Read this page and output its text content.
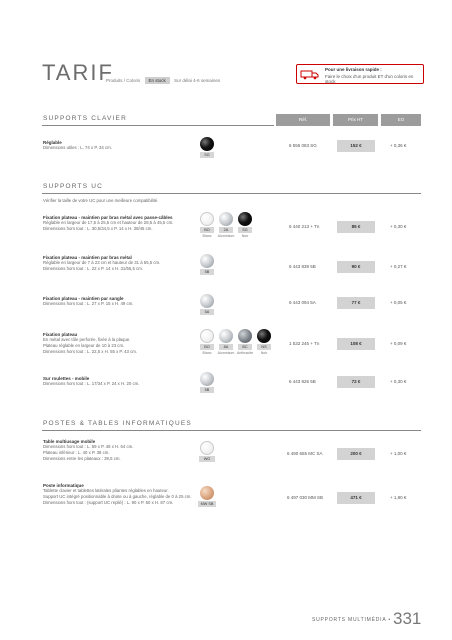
TARIF
Produits / Coloris En stock Sur délai 4-6 semaines
Pour une livraison rapide :
Faire le choix d'un produit ET d'un coloris en stock
SUPPORTS CLAVIER	Réf.	Prix HT	EO
Réglable
Dimensions utiles : L. 74 x P. 34 cm.
SG
6 555 083 SG	152 €	+ 0,36 €
SUPPORTS UC
Vérifier la taille de votre UC pour une meilleure compatibilité.
Fixation plateau - maintien par bras métal avec passe-câbles
Réglable en largeur de 17,5 à 25,5 cm et hauteur de 28,5 à 45,5 cm.
Dimensions hors tout : L. 30,5/34,5 x P. 14 x H. 38/45 cm.	BO	2A	SG
Blanc	Aluminium	Noir
6 440 213 + Tn	85 €	+ 0,30 €
Fixation plateau - maintien par bras métal
Réglable en largeur de 7 à 23 cm et hauteur de 31 à 55,5 cm.
Dimensions hors tout : L. 22 x P. 14 x H. 31/55,5 cm.
5B
6 443 839 5B	90 €	+ 0,27 €
Fixation plateau - maintien par sangle
Dimensions hors tout : L. 27 x P. 15 x H. 49 cm.
5A
6 443 094 5A	77 €	+ 0,05 €
Fixation plateau
En métal avec tôle perforée, fixée à la plaque.
Plateau réglable en largeur de 10 à 23 cm.
Dimensions hors tout : L. 22,5 x H. 55 x P. 43 cm.
BO	8A	BC	NS
Blanc	Aluminium Anthracite	Noir
1 532 245 + Tn	108 €	+ 0,09 €
Sur roulettes - mobile
Dimensions hors tout : L. 17/34 x P. 24 x H. 20 cm.
5B
6 443 826 5B	72 €	+ 0,30 €
POSTES & TABLES INFORMATIQUES
Table multiusage mobile
Dimensions hors tout : L. 59 x P. 48 x H. 64 cm.
Plateau inférieur : L. 40 x P. 38 cm.
Dimensions entre les plateaux : 39,5 cm.	WG
6 490 655 MC SA	200 €	+ 1,00 €
Poste informatique
Tablette clavier et tablettes latérales pliantes réglables en hauteur.
Support UC intégré positionnable à droite ou à gauche, réglable de 0 à 25 cm.
Dimensions hors tout : (support UC replié) : L. 90 x P. 50 x H. 87 cm.	MW SB
6 497 030 MM SB	471 €	+ 1,80 €
SUPPORTS MULTIMÉDIA • 331
